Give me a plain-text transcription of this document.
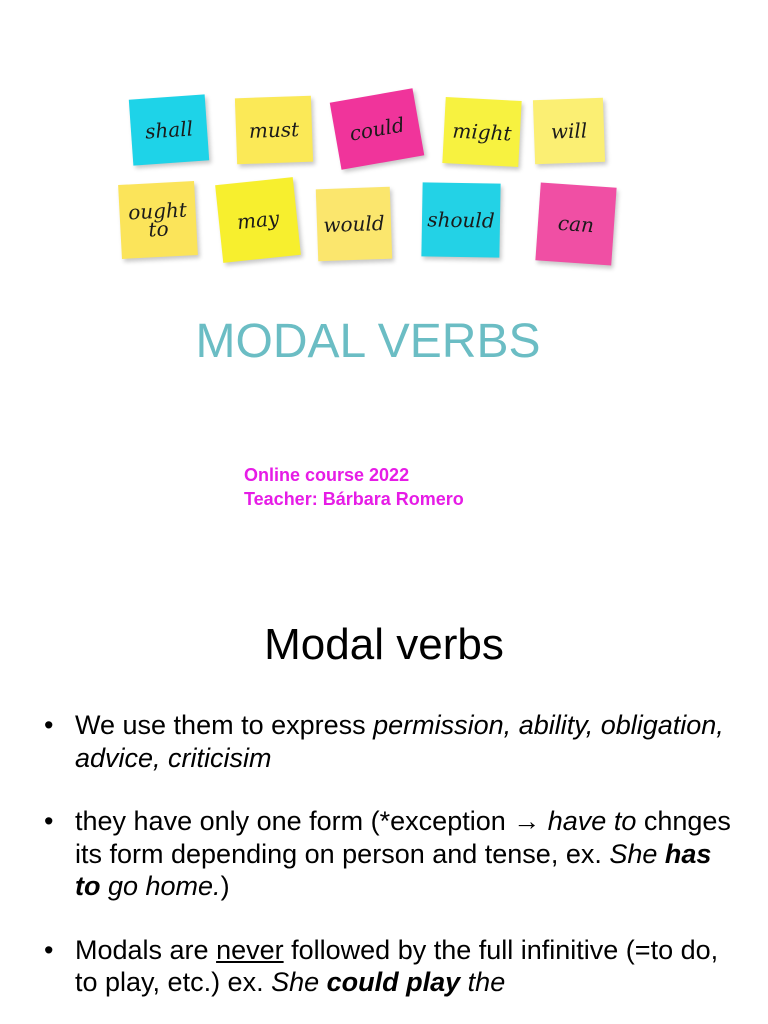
shall	must could might will
ought
to	may would should	can
MODAL VERBS
Online course 2022
Teacher: Bárbara Romero
Modal verbs
• We use them to express permission, ability, obligation, advice, criticisim
• they have only one form (*exception → have to chnges its form depending on person and tense, ex. She has to go home.)
• Modals are never followed by the full infinitive (=to do, to play, etc.) ex. She could play the
